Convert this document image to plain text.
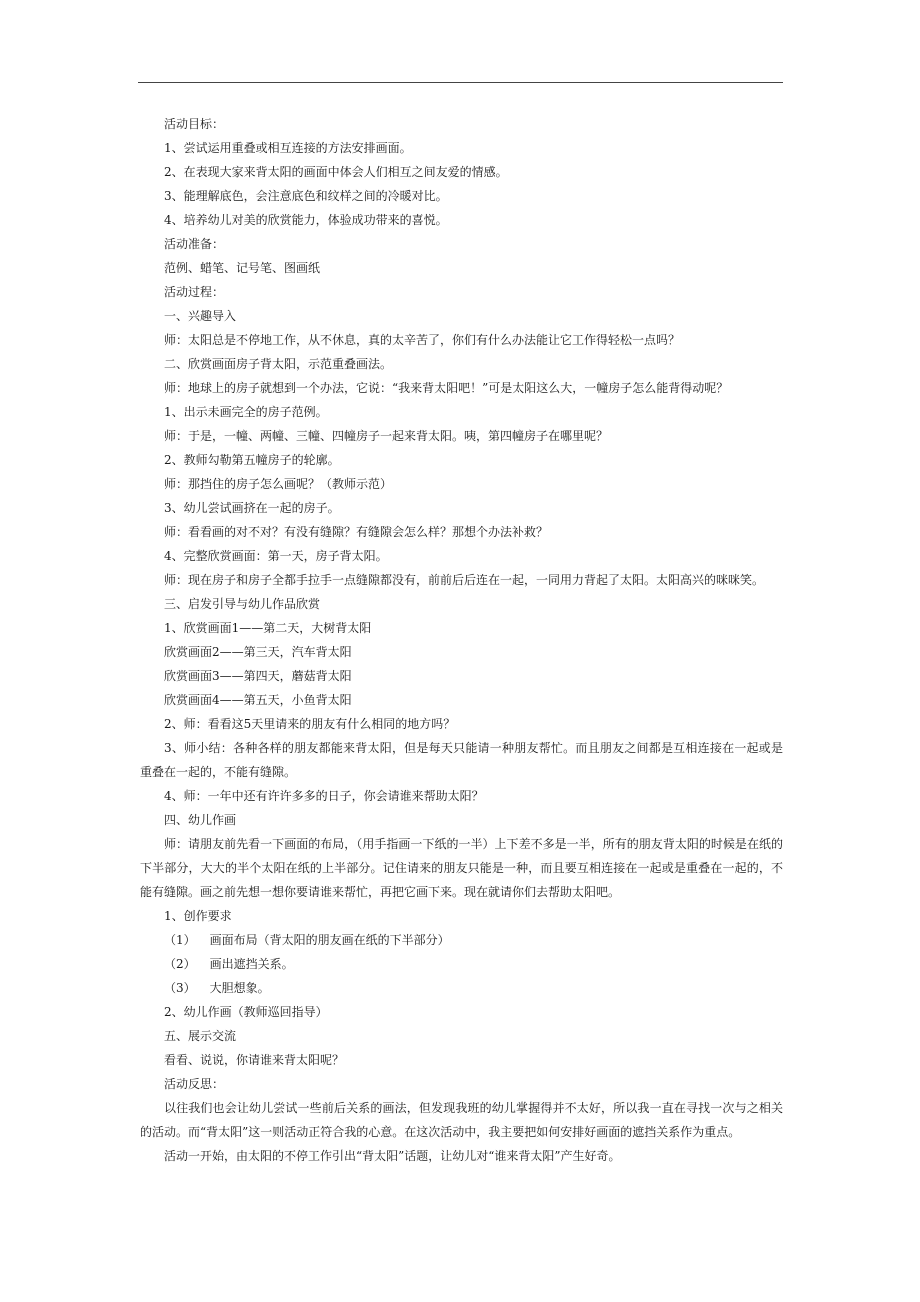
活动目标：

1、尝试运用重叠或相互连接的方法安排画面。

2、在表现大家来背太阳的画面中体会人们相互之间友爱的情感。

3、能理解底色，会注意底色和纹样之间的冷暖对比。

4、培养幼儿对美的欣赏能力，体验成功带来的喜悦。

活动准备：

范例、蜡笔、记号笔、图画纸

活动过程：

一、兴趣导入

师：太阳总是不停地工作，从不休息，真的太辛苦了，你们有什么办法能让它工作得轻松一点吗？

二、欣赏画面房子背太阳，示范重叠画法。

师：地球上的房子就想到一个办法，它说：“我来背太阳吧！”可是太阳这么大，一幢房子怎么能背得动呢？

1、出示未画完全的房子范例。

师：于是，一幢、两幢、三幢、四幢房子一起来背太阳。咦，第四幢房子在哪里呢？

2、教师勾勒第五幢房子的轮廓。

师：那挡住的房子怎么画呢？（教师示范）

3、幼儿尝试画挤在一起的房子。

师：看看画的对不对？有没有缝隙？有缝隙会怎么样？那想个办法补救？

4、完整欣赏画面：第一天，房子背太阳。

师：现在房子和房子全都手拉手一点缝隙都没有，前前后后连在一起，一同用力背起了太阳。太阳高兴的咪咪笑。

三、启发引导与幼儿作品欣赏

1、欣赏画面1——第二天，大树背太阳

欣赏画面2——第三天，汽车背太阳

欣赏画面3——第四天，蘑菇背太阳

欣赏画面4——第五天，小鱼背太阳

2、师：看看这5天里请来的朋友有什么相同的地方吗？

3、师小结：各种各样的朋友都能来背太阳，但是每天只能请一种朋友帮忙。而且朋友之间都是互相连接在一起或是重叠在一起的，不能有缝隙。

4、师：一年中还有许许多多的日子，你会请谁来帮助太阳？

四、幼儿作画

师：请朋友前先看一下画面的布局，（用手指画一下纸的一半）上下差不多是一半，所有的朋友背太阳的时候是在纸的下半部分，大大的半个太阳在纸的上半部分。记住请来的朋友只能是一种，而且要互相连接在一起或是重叠在一起的，不能有缝隙。画之前先想一想你要请谁来帮忙，再把它画下来。现在就请你们去帮助太阳吧。

1、创作要求

（1） 画面布局（背太阳的朋友画在纸的下半部分）

（2） 画出遮挡关系。

（3） 大胆想象。

2、幼儿作画（教师巡回指导）

五、展示交流

看看、说说，你请谁来背太阳呢？

活动反思：

以往我们也会让幼儿尝试一些前后关系的画法，但发现我班的幼儿掌握得并不太好，所以我一直在寻找一次与之相关的活动。而“背太阳”这一则活动正符合我的心意。在这次活动中，我主要把如何安排好画面的遮挡关系作为重点。

活动一开始，由太阳的不停工作引出“背太阳”话题，让幼儿对“谁来背太阳”产生好奇。
